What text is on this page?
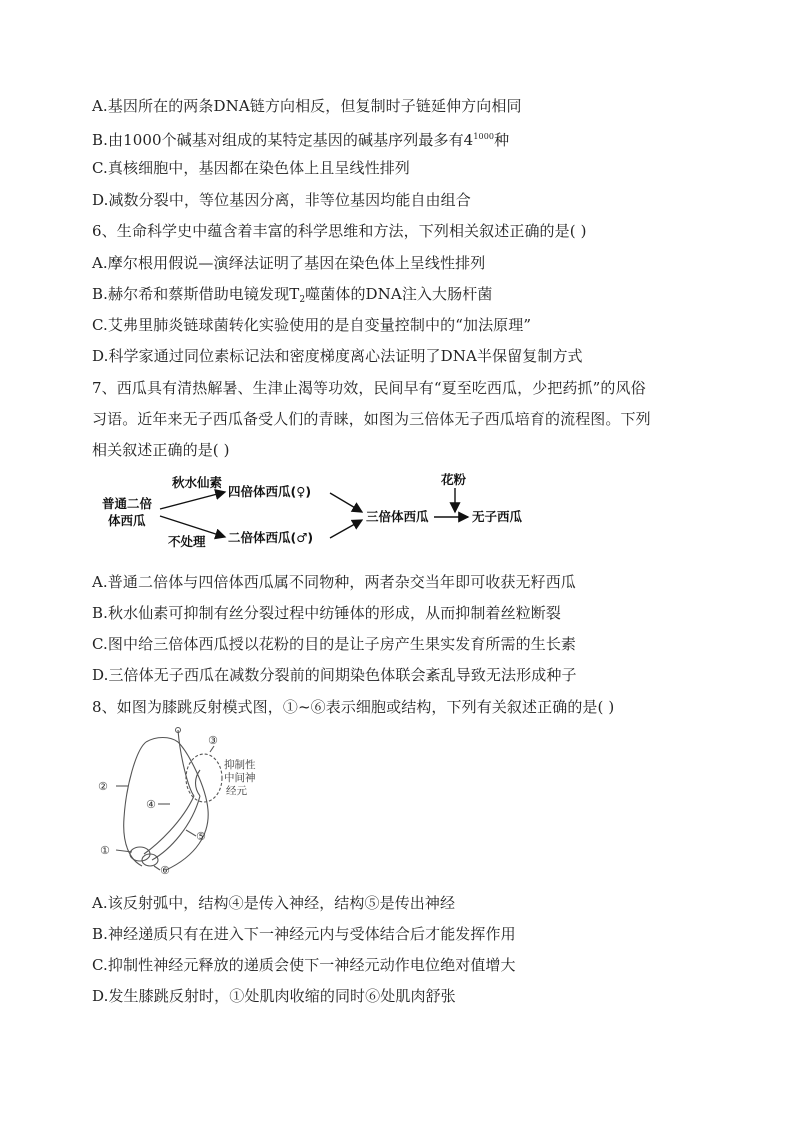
A.基因所在的两条DNA链方向相反，但复制时子链延伸方向相同
B.由1000个碱基对组成的某特定基因的碱基序列最多有$4^{1000}$种
C.真核细胞中，基因都在染色体上且呈线性排列
D.减数分裂中，等位基因分离，非等位基因均能自由组合
6、生命科学史中蕴含着丰富的科学思维和方法，下列相关叙述正确的是( )
A.摩尔根用假说—演绎法证明了基因在染色体上呈线性排列
B.赫尔希和蔡斯借助电镜发现$T_2$噬菌体的DNA注入大肠杆菌
C.艾弗里肺炎链球菌转化实验使用的是自变量控制中的“加法原理”
D.科学家通过同位素标记法和密度梯度离心法证明了DNA半保留复制方式
7、西瓜具有清热解暑、生津止渴等功效，民间早有“夏至吃西瓜，少把药抓”的风俗
习语。近年来无子西瓜备受人们的青睐，如图为三倍体无子西瓜培育的流程图。下列
相关叙述正确的是( )
普通二倍
体西瓜
秋水仙素
四倍体西瓜(♀)
不处理 二倍体西瓜(♂)
三倍体西瓜
花粉
无子西瓜
A.普通二倍体与四倍体西瓜属不同物种，两者杂交当年即可收获无籽西瓜
B.秋水仙素可抑制有丝分裂过程中纺锤体的形成，从而抑制着丝粒断裂
C.图中给三倍体西瓜授以花粉的目的是让子房产生果实发育所需的生长素
D.三倍体无子西瓜在减数分裂前的间期染色体联会紊乱导致无法形成种子
8、如图为膝跳反射模式图，①~⑥表示细胞或结构，下列有关叙述正确的是( )
②
④
⑤
①
⑥
③
抑制性
中间神
经元
A.该反射弧中，结构④是传入神经，结构⑤是传出神经
B.神经递质只有在进入下一神经元内与受体结合后才能发挥作用
C.抑制性神经元释放的递质会使下一神经元动作电位绝对值增大
D.发生膝跳反射时，①处肌肉收缩的同时⑥处肌肉舒张
